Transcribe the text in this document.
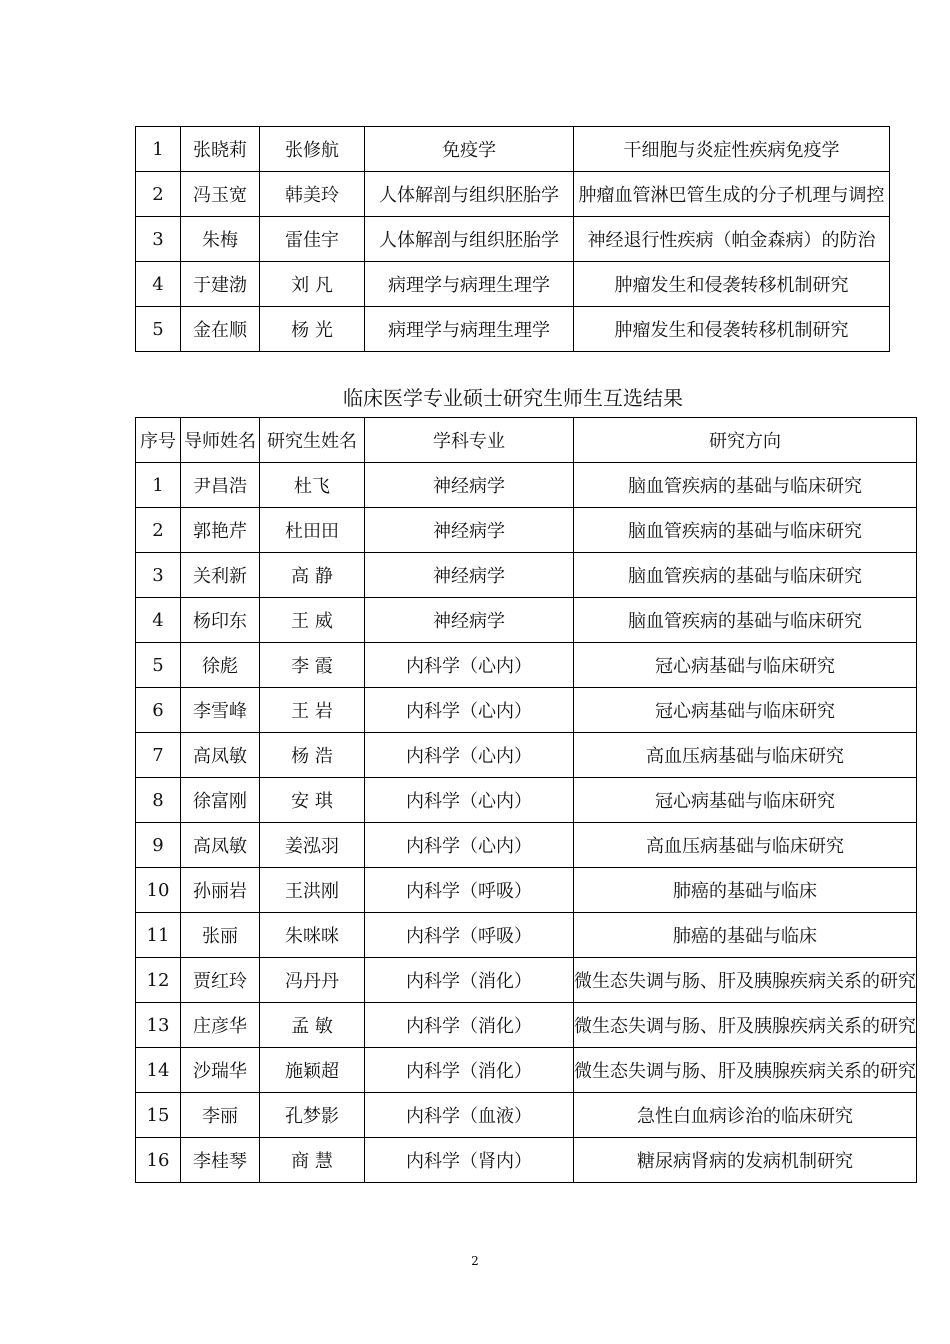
1	张晓莉	张修航	免疫学	干细胞与炎症性疾病免疫学
2	冯玉宽	韩美玲	人体解剖与组织胚胎学	肿瘤血管淋巴管生成的分子机理与调控
3	朱梅	雷佳宇	人体解剖与组织胚胎学	神经退行性疾病（帕金森病）的防治
4	于建渤	刘 凡	病理学与病理生理学	肿瘤发生和侵袭转移机制研究
5	金在顺	杨 光	病理学与病理生理学	肿瘤发生和侵袭转移机制研究
临床医学专业硕士研究生师生互选结果
序号	导师姓名	研究生姓名	学科专业	研究方向
1	尹昌浩	杜飞	神经病学	脑血管疾病的基础与临床研究
2	郭艳芹	杜田田	神经病学	脑血管疾病的基础与临床研究
3	关利新	高 静	神经病学	脑血管疾病的基础与临床研究
4	杨印东	王 威	神经病学	脑血管疾病的基础与临床研究
5	徐彪	李 霞	内科学（心内）	冠心病基础与临床研究
6	李雪峰	王 岩	内科学（心内）	冠心病基础与临床研究
7	高凤敏	杨 浩	内科学（心内）	高血压病基础与临床研究
8	徐富刚	安 琪	内科学（心内）	冠心病基础与临床研究
9	高凤敏	姜泓羽	内科学（心内）	高血压病基础与临床研究
10	孙丽岩	王洪刚	内科学（呼吸）	肺癌的基础与临床
11	张丽	朱咪咪	内科学（呼吸）	肺癌的基础与临床
12	贾红玲	冯丹丹	内科学（消化）	微生态失调与肠、肝及胰腺疾病关系的研究
13	庄彦华	孟 敏	内科学（消化）	微生态失调与肠、肝及胰腺疾病关系的研究
14	沙瑞华	施颖超	内科学（消化）	微生态失调与肠、肝及胰腺疾病关系的研究
15	李丽	孔梦影	内科学（血液）	急性白血病诊治的临床研究
16	李桂琴	商 慧	内科学（肾内）	糖尿病肾病的发病机制研究
2
